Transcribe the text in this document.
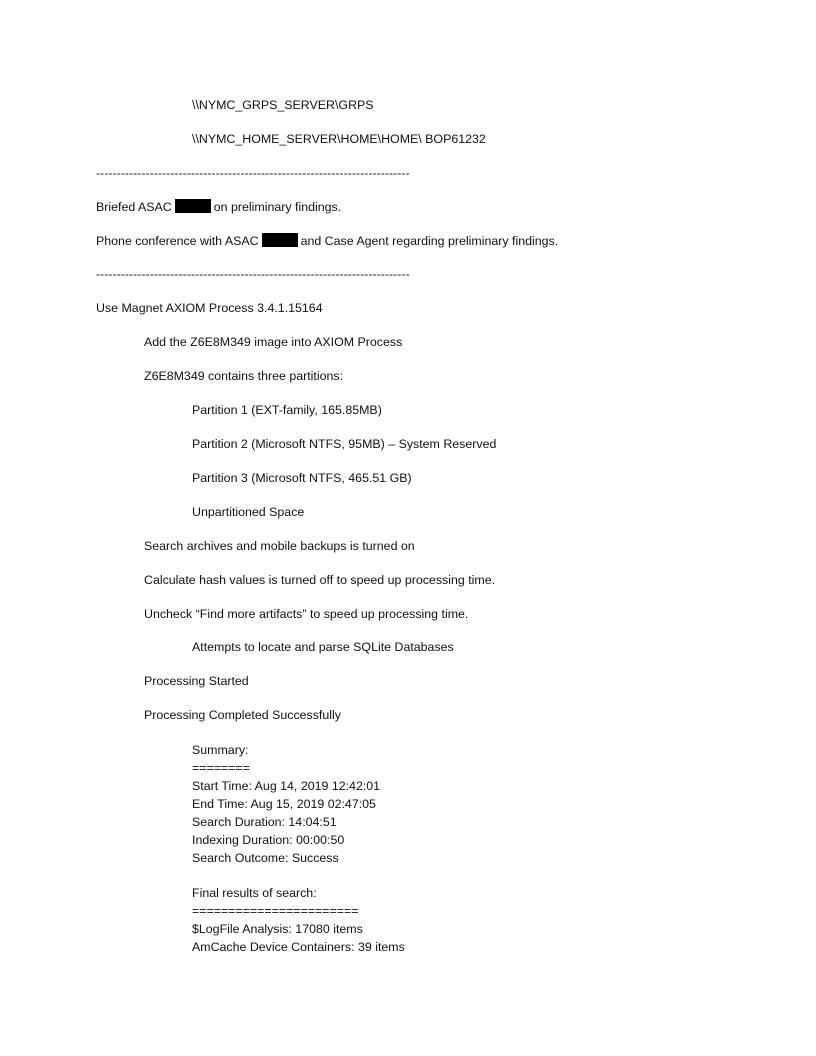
\\NYMC_GRPS_SERVER\GRPS
\\NYMC_HOME_SERVER\HOME\HOME\ BOP61232
----------------------------------------------------------------------------
Briefed ASAC	on preliminary findings.
Phone conference with ASAC	and Case Agent regarding preliminary findings.
----------------------------------------------------------------------------
Use Magnet AXIOM Process 3.4.1.15164
Add the Z6E8M349 image into AXIOM Process
Z6E8M349 contains three partitions:
Partition 1 (EXT-family, 165.85MB)
Partition 2 (Microsoft NTFS, 95MB) – System Reserved
Partition 3 (Microsoft NTFS, 465.51 GB)
Unpartitioned Space
Search archives and mobile backups is turned on
Calculate hash values is turned off to speed up processing time.
Uncheck “Find more artifacts” to speed up processing time.
Attempts to locate and parse SQLite Databases
Processing Started
Processing Completed Successfully
Summary:
========
Start Time: Aug 14, 2019 12:42:01
End Time: Aug 15, 2019 02:47:05
Search Duration: 14:04:51
Indexing Duration: 00:00:50
Search Outcome: Success
Final results of search:
=======================
$LogFile Analysis: 17080 items
AmCache Device Containers: 39 items
